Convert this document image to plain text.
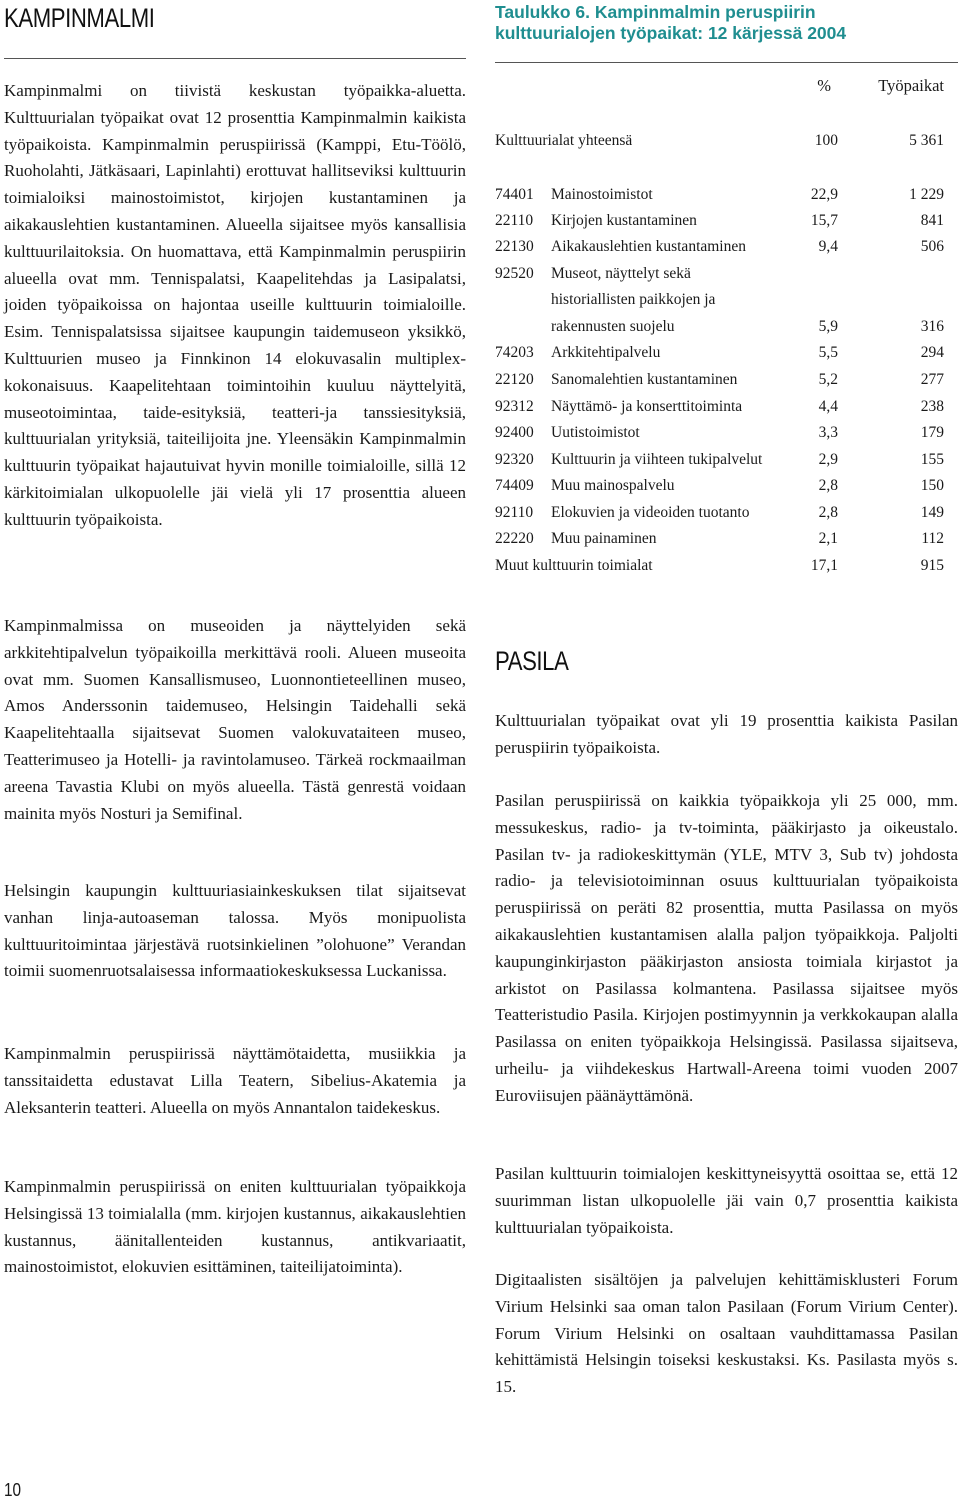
KAMPINMALMI

Kampinmalmi on tiivistä keskustan työpaikka-aluetta. Kulttuurialan työpaikat ovat 12 prosenttia Kampinmalmin kaikista työpaikoista. Kampinmalmin peruspiirissä (Kamppi, Etu-Töölö, Ruoholahti, Jätkäsaari, Lapinlahti) erottuvat hallitseviksi kulttuurin toimialoiksi mainostoimistot, kirjojen kustantaminen ja aikakauslehtien kustantaminen. Alueella sijaitsee myös kansallisia kulttuurilaitoksia. On huomattava, että Kampinmalmin peruspiirin alueella ovat mm. Tennispalatsi, Kaapelitehdas ja Lasipalatsi, joiden työpaikoissa on hajontaa useille kulttuurin toimialoille. Esim. Tennispalatsissa sijaitsee kaupungin taidemuseon yksikkö, Kulttuurien museo ja Finnkinon 14 elokuvasalin multiplex-kokonaisuus. Kaapelitehtaan toimintoihin kuuluu näyttelyitä, museotoimintaa, taide-esityksiä, teatteri-ja tanssiesityksiä, kulttuurialan yrityksiä, taiteilijoita jne. Yleensäkin Kampinmalmin kulttuurin työpaikat hajautuivat hyvin monille toimialoille, sillä 12 kärkitoimialan ulkopuolelle jäi vielä yli 17 prosenttia alueen kulttuurin työpaikoista.

Kampinmalmissa on museoiden ja näyttelyiden sekä arkkitehtipalvelun työpaikoilla merkittävä rooli. Alueen museoita ovat mm. Suomen Kansallismuseo, Luonnontieteellinen museo, Amos Anderssonin taidemuseo, Helsingin Taidehalli sekä Kaapelitehtaalla sijaitsevat Suomen valokuvataiteen museo, Teatterimuseo ja Hotelli- ja ravintolamuseo. Tärkeä rockmaailman areena Tavastia Klubi on myös alueella. Tästä genrestä voidaan mainita myös Nosturi ja Semifinal.

Helsingin kaupungin kulttuuriasiainkeskuksen tilat sijaitsevat vanhan linja-autoaseman talossa. Myös monipuolista kulttuuritoimintaa järjestävä ruotsinkielinen ”olohuone” Verandan toimii suomenruotsalaisessa informaatiokeskuksessa Luckanissa.

Kampinmalmin peruspiirissä näyttämötaidetta, musiikkia ja tanssitaidetta edustavat Lilla Teatern, Sibelius-Akatemia ja Aleksanterin teatteri. Alueella on myös Annantalon taidekeskus.

Kampinmalmin peruspiirissä on eniten kulttuurialan työpaikkoja Helsingissä 13 toimialalla (mm. kirjojen kustannus, aikakauslehtien kustannus, äänitallenteiden kustannus, antikvariaatit, mainostoimistot, elokuvien esittäminen, taiteilijatoiminta).

Taulukko 6. Kampinmalmin peruspiirin
kulttuurialojen työpaikat: 12 kärjessä 2004
%	Työpaikat
Kulttuurialat yhteensä	100	5 361
74401 Mainostoimistot	22,9	1 229
22110 Kirjojen kustantaminen	15,7	841
22130 Aikakauslehtien kustantaminen	9,4	506
92520 Museot, näyttelyt sekä
historiallisten paikkojen ja
rakennusten suojelu	5,9	316
74203 Arkkitehtipalvelu	5,5	294
22120 Sanomalehtien kustantaminen	5,2	277
92312 Näyttämö- ja konserttitoiminta	4,4	238
92400 Uutistoimistot	3,3	179
92320 Kulttuurin ja viihteen tukipalvelut	2,9	155
74409 Muu mainospalvelu	2,8	150
92110 Elokuvien ja videoiden tuotanto	2,8	149
22220 Muu painaminen	2,1	112
Muut kulttuurin toimialat	17,1	915
PASILA

Kulttuurialan työpaikat ovat yli 19 prosenttia kaikista Pasilan peruspiirin työpaikoista.

Pasilan peruspiirissä on kaikkia työpaikkoja yli 25 000, mm. messukeskus, radio- ja tv-toiminta, pääkirjasto ja oikeustalo. Pasilan tv- ja radiokeskittymän (YLE, MTV 3, Sub tv) johdosta radio- ja televisiotoiminnan osuus kulttuurialan työpaikoista peruspiirissä on peräti 82 prosenttia, mutta Pasilassa on myös aikakauslehtien kustantamisen alalla paljon työpaikkoja. Paljolti kaupunginkirjaston pääkirjaston ansiosta toimiala kirjastot ja arkistot on Pasilassa kolmantena. Pasilassa sijaitsee myös Teatteristudio Pasila. Kirjojen postimyynnin ja verkkokaupan alalla Pasilassa on eniten työpaikkoja Helsingissä. Pasilassa sijaitseva, urheilu- ja viihdekeskus Hartwall-Areena toimi vuoden 2007 Euroviisujen päänäyttämönä.

Pasilan kulttuurin toimialojen keskittyneisyyttä osoittaa se, että 12 suurimman listan ulkopuolelle jäi vain 0,7 prosenttia kaikista kulttuurialan työpaikoista.

Digitaalisten sisältöjen ja palvelujen kehittämisklusteri Forum Virium Helsinki saa oman talon Pasilaan (Forum Virium Center). Forum Virium Helsinki on osaltaan vauhdittamassa Pasilan kehittämistä Helsingin toiseksi keskustaksi. Ks. Pasilasta myös s. 15.

10
